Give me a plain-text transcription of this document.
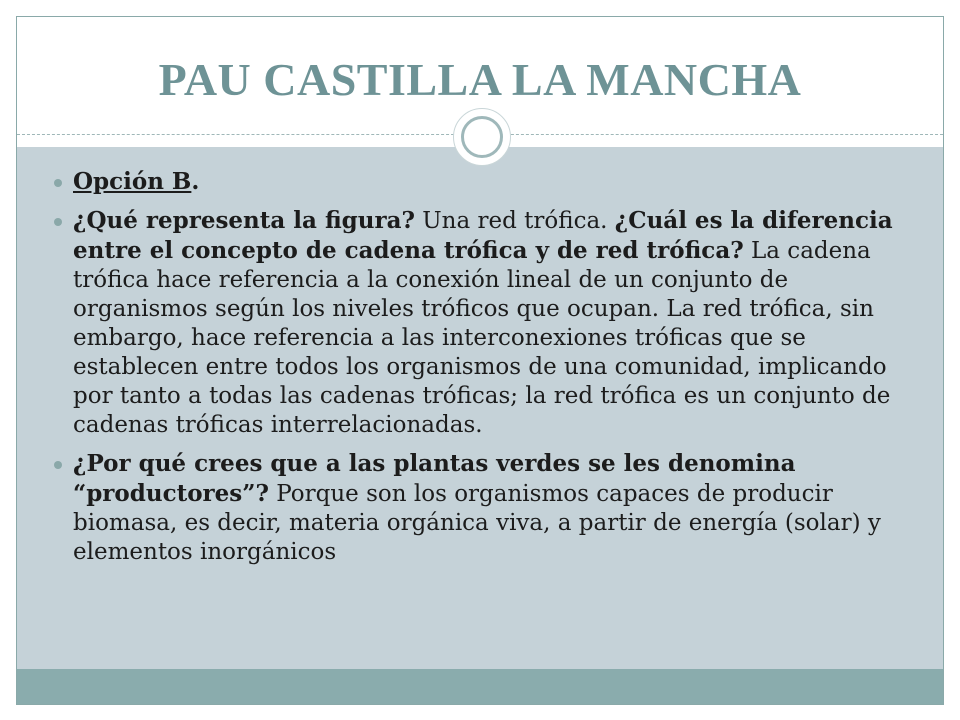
PAU CASTILLA LA MANCHA
Opción B.
¿Qué representa la figura? Una red trófica. ¿Cuál es la diferencia entre el concepto de cadena trófica y de red trófica? La cadena trófica hace referencia a la conexión lineal de un conjunto de organismos según los niveles tróficos que ocupan. La red trófica, sin embargo, hace referencia a las interconexiones tróficas que se establecen entre todos los organismos de una comunidad, implicando por tanto a todas las cadenas tróficas; la red trófica es un conjunto de cadenas tróficas interrelacionadas.
¿Por qué crees que a las plantas verdes se les denomina “productores”? Porque son los organismos capaces de producir biomasa, es decir, materia orgánica viva, a partir de energía (solar) y elementos inorgánicos
